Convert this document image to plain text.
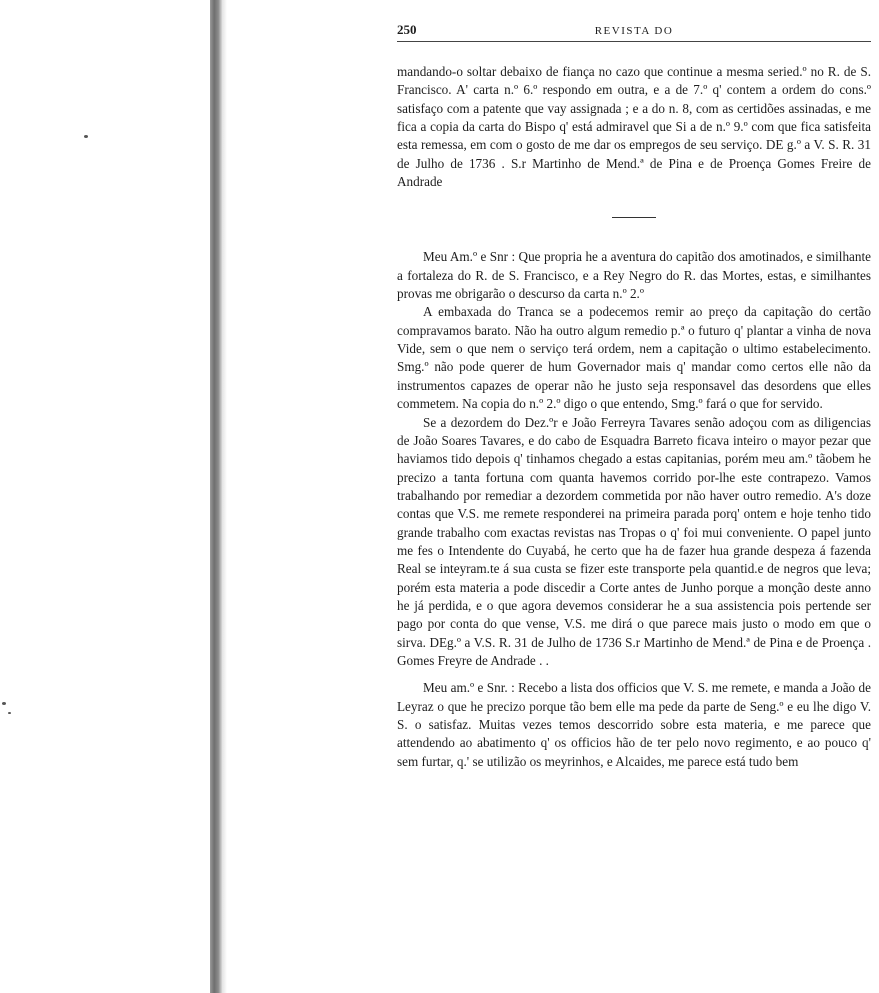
250	REVISTA DO

mandando-o soltar debaixo de fiança no cazo que continue a mesma seried.º no R. de S. Francisco. A' carta n.º 6.º respondo em outra, e a de 7.º q' contem a ordem do cons.º satisfaço com a patente que vay assignada ; e a do n. 8, com as certidões assinadas, e me fica a copia da carta do Bispo q' está admiravel que Si a de n.º 9.º com que fica satisfeita esta remessa, em com o gosto de me dar os empregos de seu serviço. DE g.º a V. S. R. 31 de Julho de 1736 . S.r Martinho de Mend.ª de Pina e de Proença Gomes Freire de Andrade

Meu Am.º e Snr : Que propria he a aventura do capitão dos amotinados, e similhante a fortaleza do R. de S. Francisco, e a Rey Negro do R. das Mortes, estas, e similhantes provas me obrigarão o descurso da carta n.º 2.º

A embaxada do Tranca se a podecemos remir ao preço da capitação do certão compravamos barato. Não ha outro algum remedio p.ª o futuro q' plantar a vinha de nova Vide, sem o que nem o serviço terá ordem, nem a capitação o ultimo estabelecimento. Smg.º não pode querer de hum Governador mais q' mandar como certos elle não da instrumentos capazes de operar não he justo seja responsavel das desordens que elles commetem. Na copia do n.º 2.º digo o que entendo, Smg.º fará o que for servido.

Se a dezordem do Dez.ºr e João Ferreyra Tavares senão adoçou com as diligencias de João Soares Tavares, e do cabo de Esquadra Barreto ficava inteiro o mayor pezar que haviamos tido depois q' tinhamos chegado a estas capitanias, porém meu am.º tãobem he precizo a tanta fortuna com quanta havemos corrido por-lhe este contrapezo. Vamos trabalhando por remediar a dezordem commetida por não haver outro remedio. A's doze contas que V.S. me remete responderei na primeira parada porq' ontem e hoje tenho tido grande trabalho com exactas revistas nas Tropas o q' foi mui conveniente. O papel junto me fes o Intendente do Cuyabá, he certo que ha de fazer hua grande despeza á fazenda Real se inteyram.te á sua custa se fizer este transporte pela quantid.e de negros que leva; porém esta materia a pode discedir a Corte antes de Junho porque a monção deste anno he já perdida, e o que agora devemos considerar he a sua assistencia pois pertende ser pago por conta do que vense, V.S. me dirá o que parece mais justo o modo em que o sirva. DEg.º a V.S. R. 31 de Julho de 1736 S.r Martinho de Mend.ª de Pina e de Proença . Gomes Freyre de Andrade . .

Meu am.º e Snr. : Recebo a lista dos officios que V. S. me remete, e manda a João de Leyraz o que he precizo porque tão bem elle ma pede da parte de Seng.º e eu lhe digo V. S. o satisfaz. Muitas vezes temos descorrido sobre esta materia, e me parece que attendendo ao abatimento q' os officios hão de ter pelo novo regimento, e ao pouco q' sem furtar, q.' se utilizão os meyrinhos, e Alcaides, me parece está tudo bem
